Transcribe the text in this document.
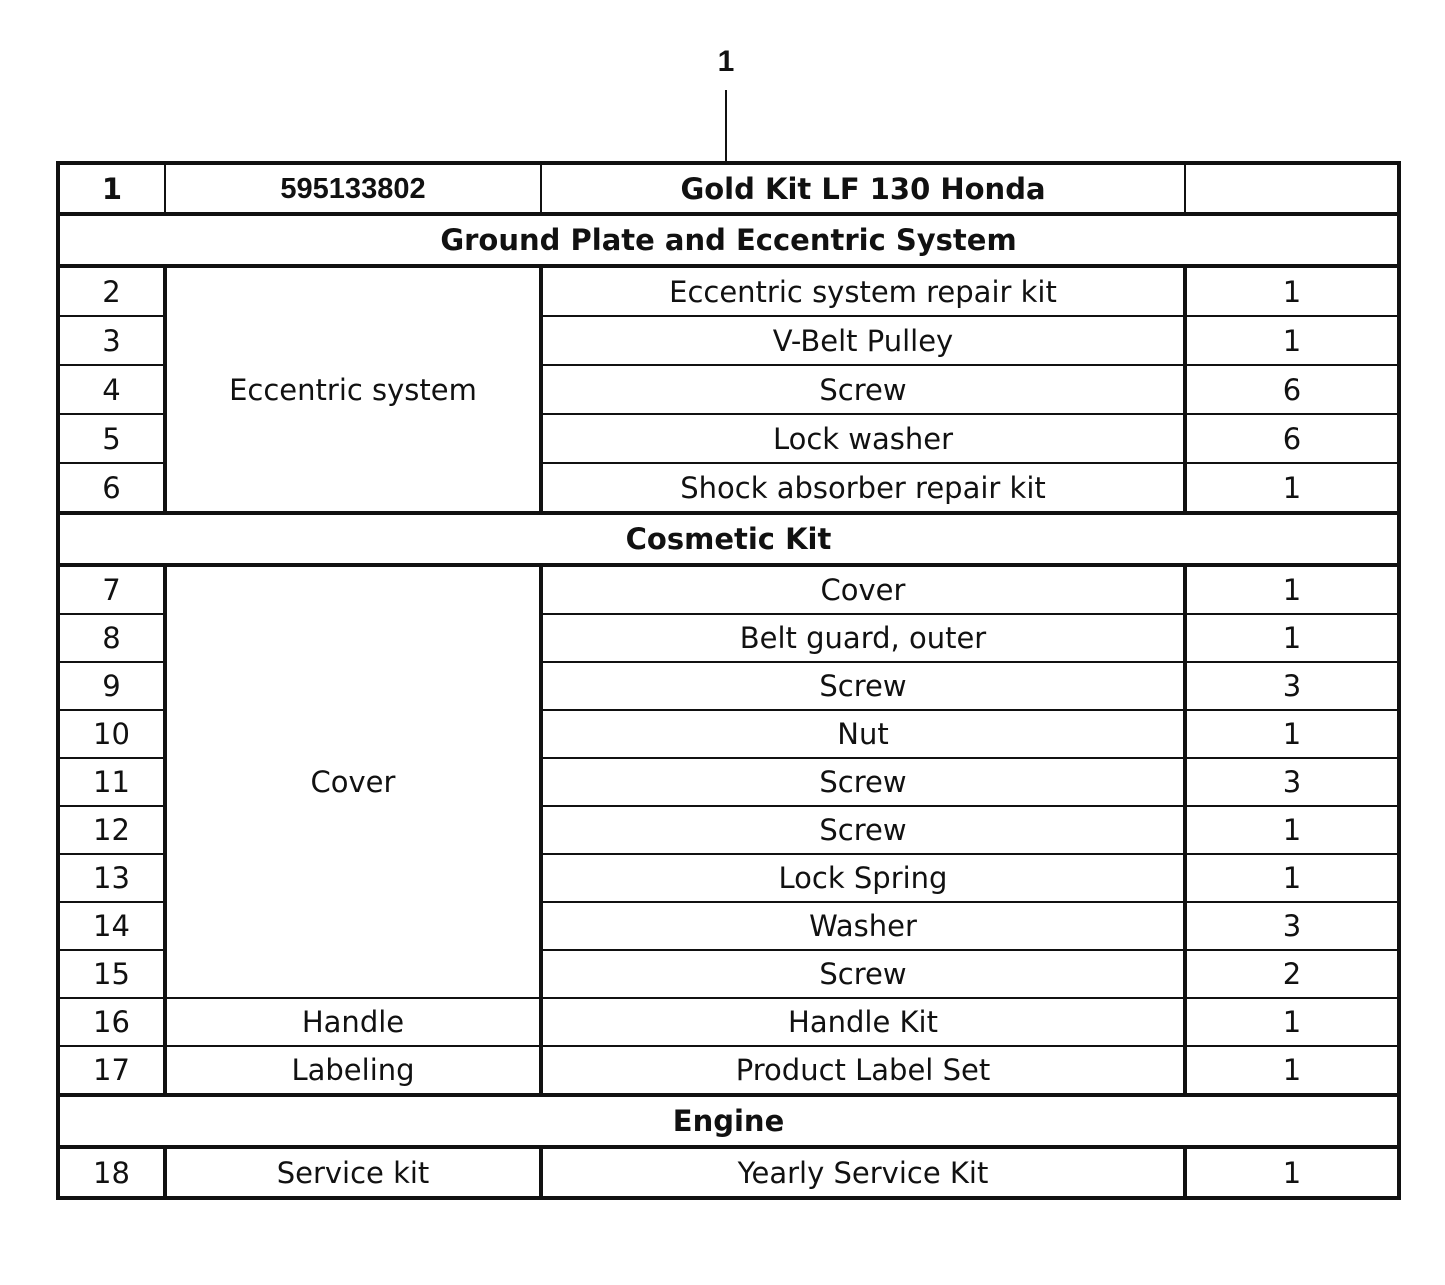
1
1	595133802	Gold Kit LF 130 Honda	
Ground Plate and Eccentric System			
2	Eccentric system	Eccentric system repair kit	1
3		V-Belt Pulley	1
4		Screw	6
5		Lock washer	6
6		Shock absorber repair kit	1
Cosmetic Kit			
7	Cover	Cover	1
8		Belt guard, outer	1
9		Screw	3
10		Nut	1
11		Screw	3
12		Screw	1
13		Lock Spring	1
14		Washer	3
15		Screw	2
16	Handle	Handle Kit	1
17	Labeling	Product Label Set	1
Engine			
18	Service kit	Yearly Service Kit	1
